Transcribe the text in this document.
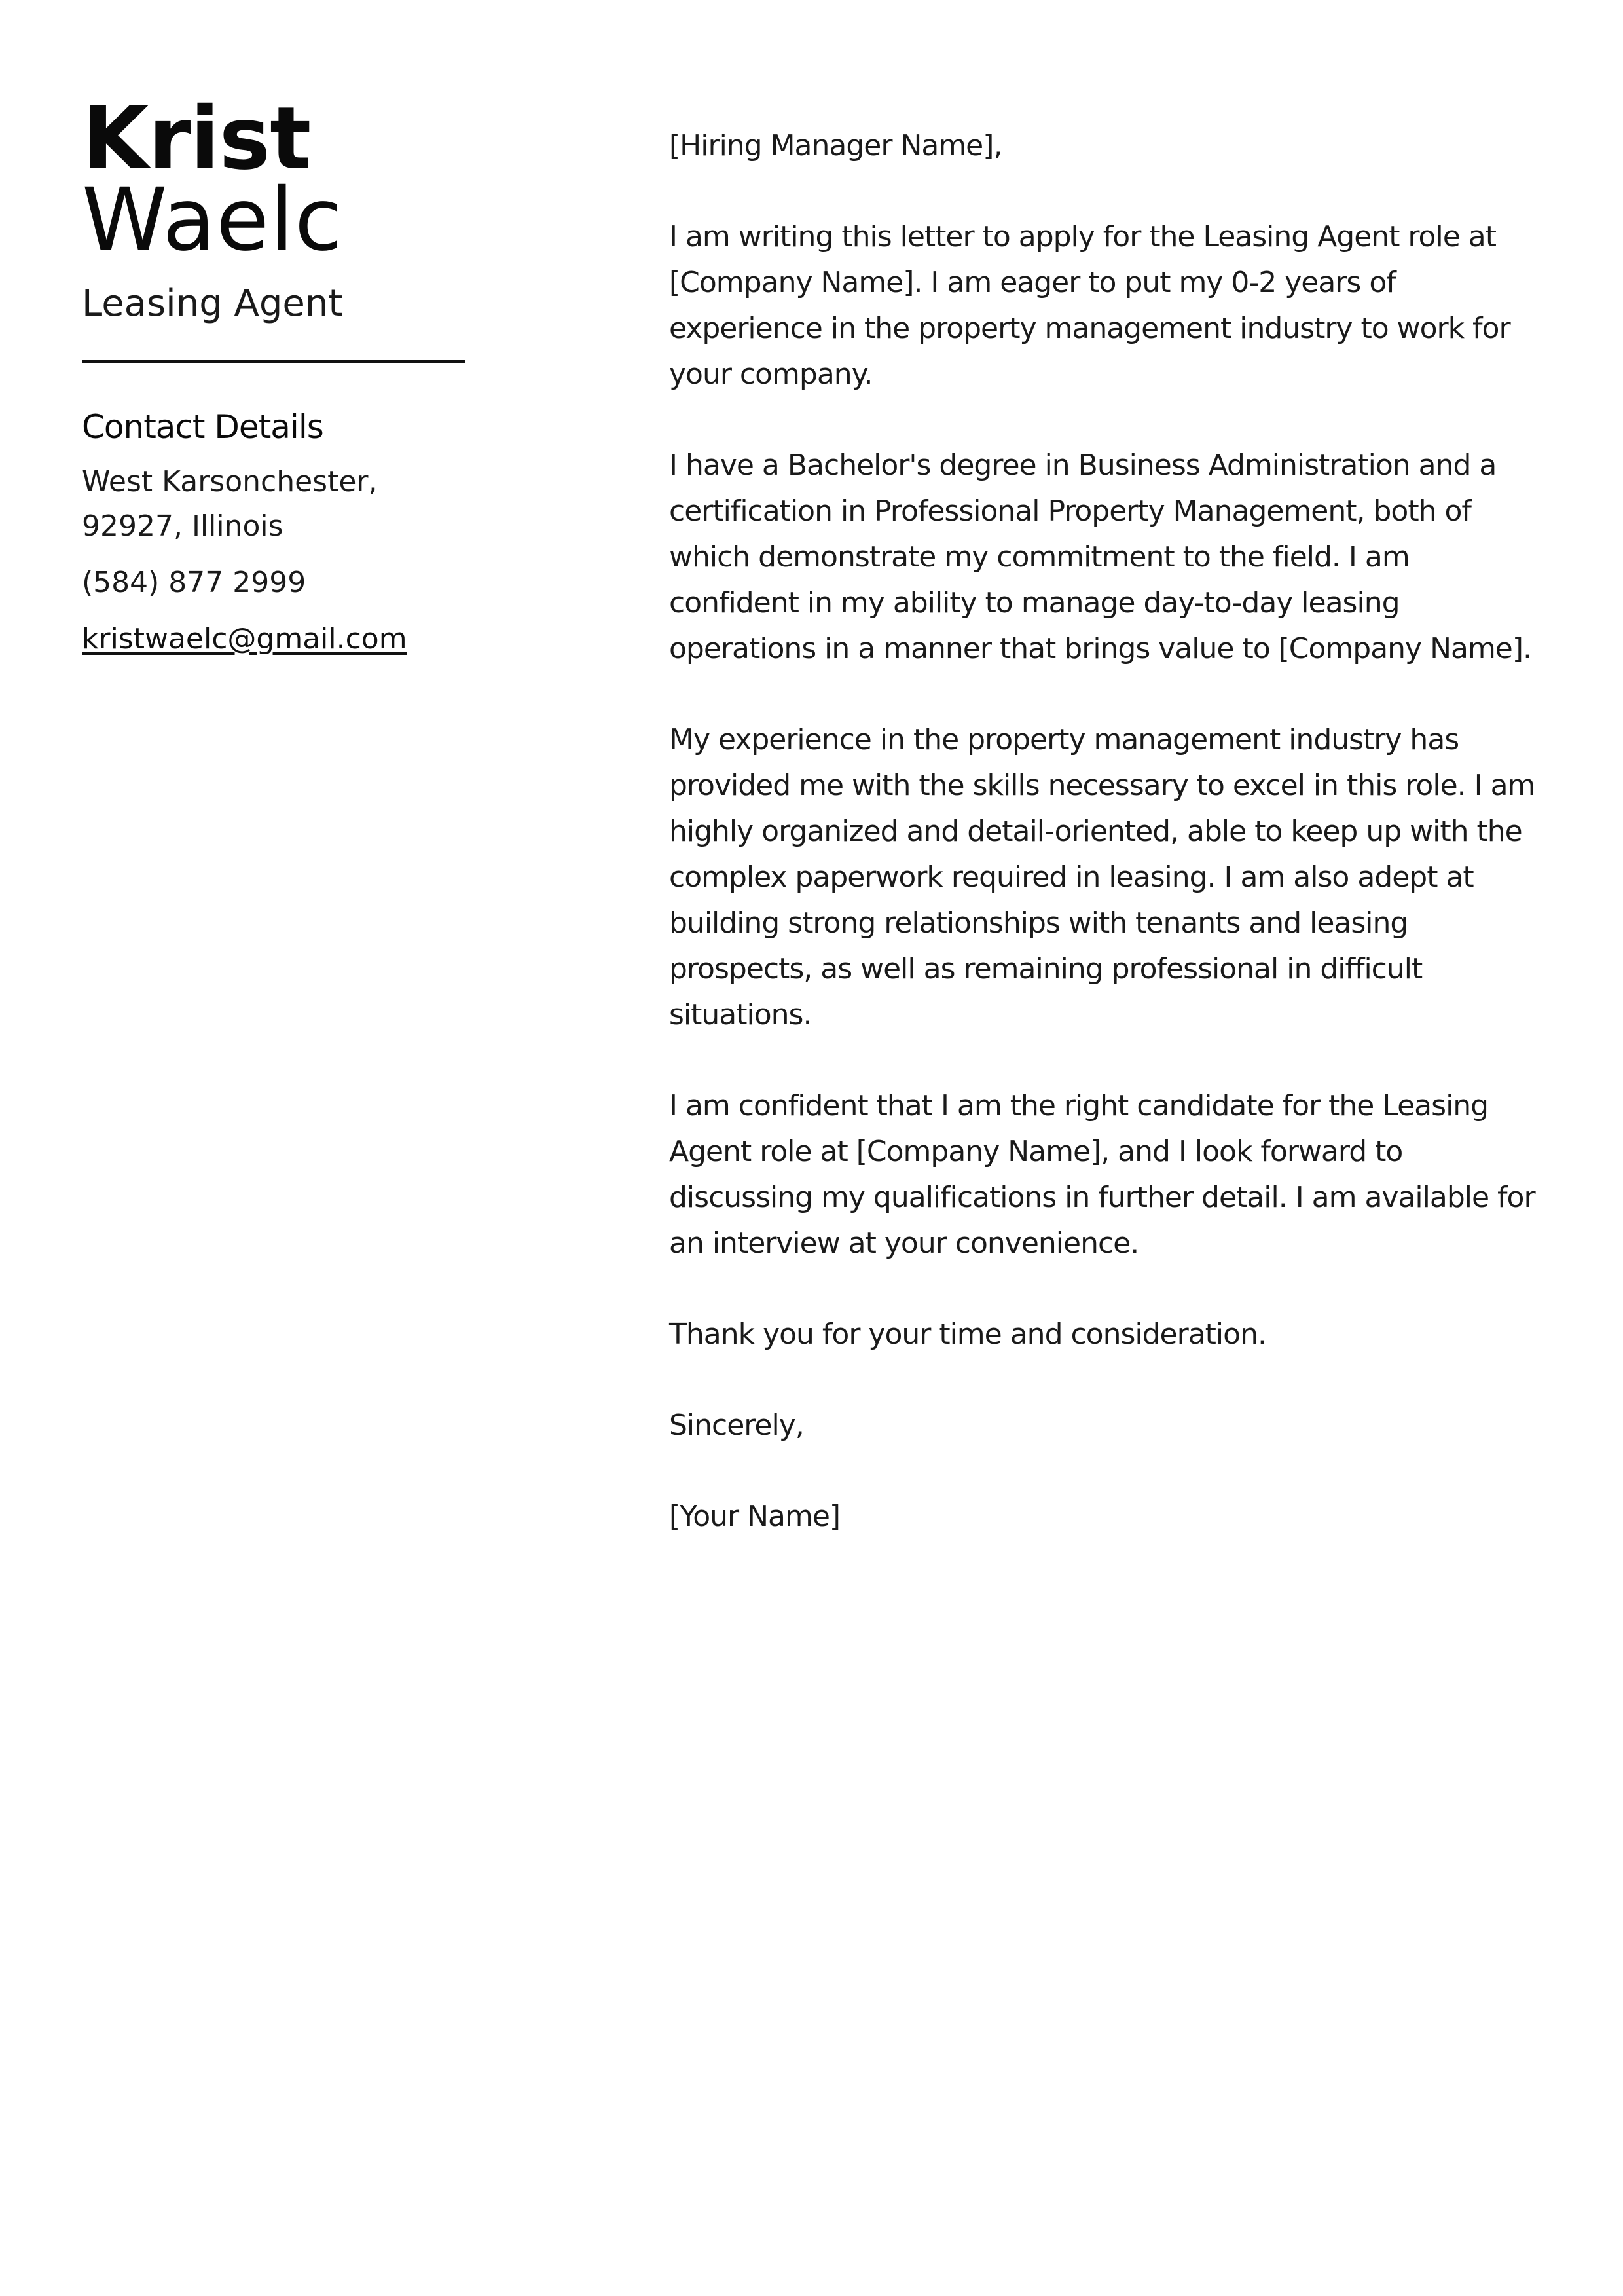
Krist
Waelc
Leasing Agent
Contact Details
West Karsonchester, 92927, Illinois
(584) 877 2999
kristwaelc@gmail.com

[Hiring Manager Name],

I am writing this letter to apply for the Leasing Agent role at [Company Name]. I am eager to put my 0-2 years of experience in the property management industry to work for your company.

I have a Bachelor's degree in Business Administration and a certification in Professional Property Management, both of which demonstrate my commitment to the field. I am confident in my ability to manage day-to-day leasing operations in a manner that brings value to [Company Name].

My experience in the property management industry has provided me with the skills necessary to excel in this role. I am highly organized and detail-oriented, able to keep up with the complex paperwork required in leasing. I am also adept at building strong relationships with tenants and leasing prospects, as well as remaining professional in difficult situations.

I am confident that I am the right candidate for the Leasing Agent role at [Company Name], and I look forward to discussing my qualifications in further detail. I am available for an interview at your convenience.

Thank you for your time and consideration.

Sincerely,

[Your Name]
